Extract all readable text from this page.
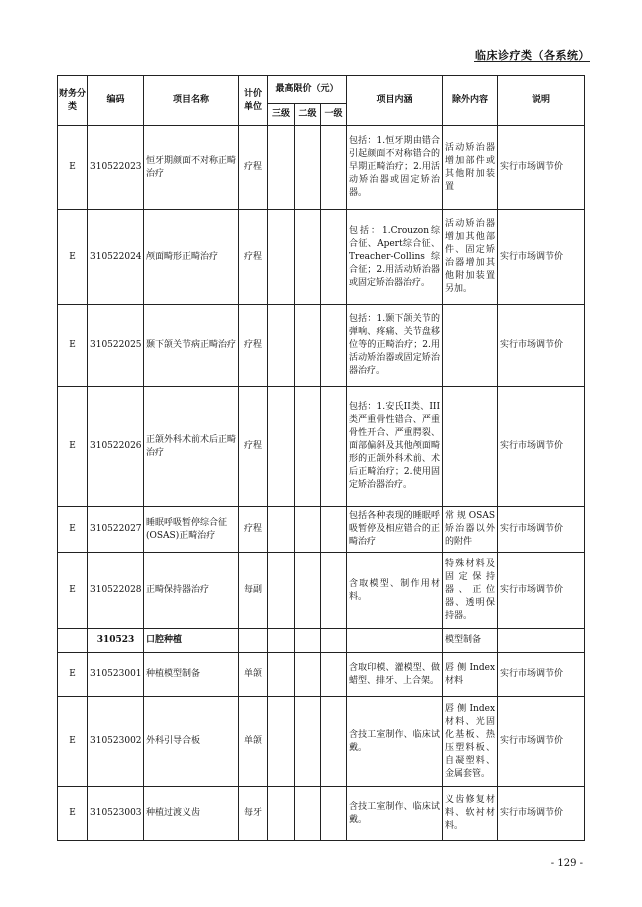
临床诊疗类（各系统）
财务分类	编码	项目名称	计价单位	最高限价（元）			项目内涵	除外内容	说明
				三级	二级	一级			
E	310522023	恒牙期颜面不对称正畸治疗	疗程				包括：1.恒牙期由错合引起颜面不对称错合的早期正畸治疗；2.用活动矫治器或固定矫治器。	活动矫治器增加部件或其他附加装置	实行市场调节价
E	310522024	颅面畸形正畸治疗	疗程				包括：1.Crouzon综合征、Apert综合征、Treacher-Collins综合征；2.用活动矫治器或固定矫治器治疗。	活动矫治器增加其他部件、固定矫治器增加其他附加装置另加。	实行市场调节价
E	310522025	颞下颌关节病正畸治疗	疗程				包括：1.颞下颌关节的弹响、疼痛、关节盘移位等的正畸治疗；2.用活动矫治器或固定矫治器治疗。		实行市场调节价
E	310522026	正颌外科术前术后正畸治疗	疗程				包括：1.安氏II类、III类严重骨性错合、严重骨性开合、严重腭裂、面部偏斜及其他颅面畸形的正颌外科术前、术后正畸治疗；2.使用固定矫治器治疗。		实行市场调节价
E	310522027	睡眠呼吸暂停综合征(OSAS)正畸治疗	疗程				包括各种表现的睡眠呼吸暂停及相应错合的正畸治疗	常规OSAS矫治器以外的附件	实行市场调节价
E	310522028	正畸保持器治疗	每副				含取模型、制作用材料。	特殊材料及固定保持器、正位器、透明保持器。	实行市场调节价
	310523	口腔种植						模型制备	
E	310523001	种植模型制备	单颌				含取印模、灌模型、做蜡型、排牙、上合架。	唇侧Index材料	实行市场调节价
E	310523002	外科引导合板	单颌				含技工室制作、临床试戴。	唇侧Index材料、光固化基板、热压塑料板、自凝塑料、金属套管。	实行市场调节价
E	310523003	种植过渡义齿	每牙				含技工室制作、临床试戴。	义齿修复材料、软衬材料。	实行市场调节价
- 129 -
